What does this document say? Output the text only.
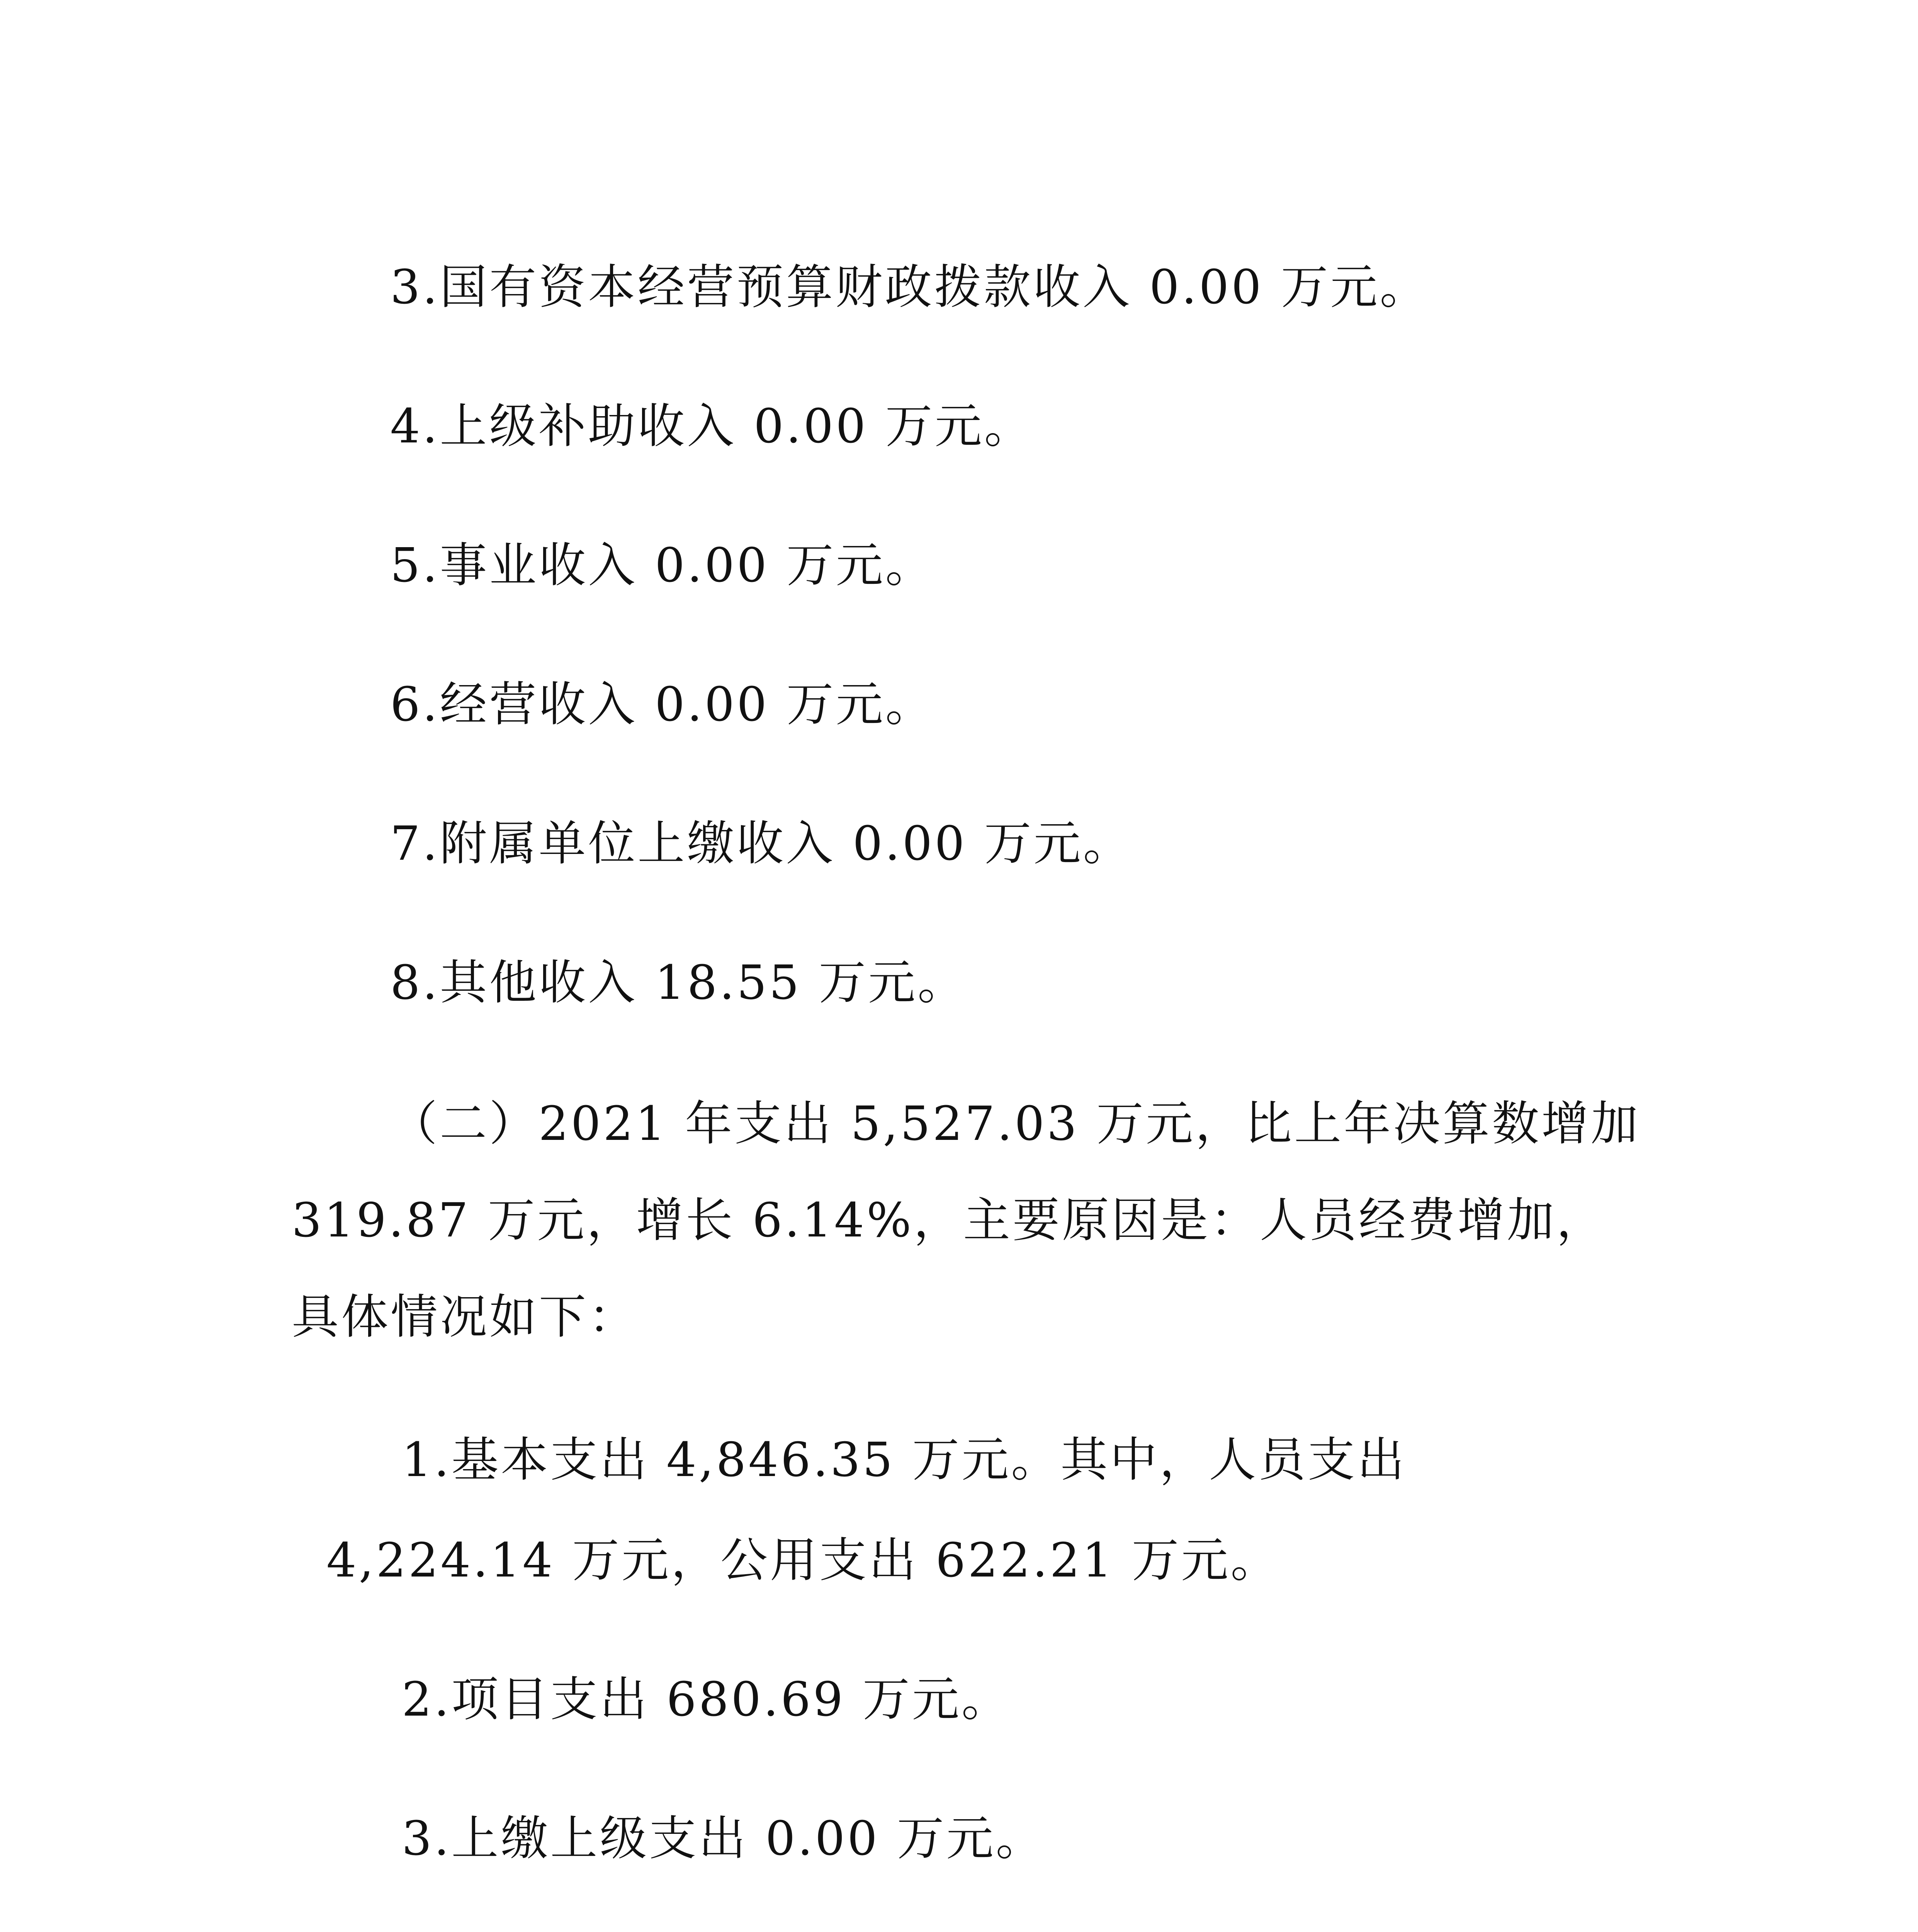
3.国有资本经营预算财政拨款收入 0.00 万元。
4.上级补助收入 0.00 万元。
5.事业收入 0.00 万元。
6.经营收入 0.00 万元。
7.附属单位上缴收入 0.00 万元。
8.其他收入 18.55 万元。
（二）2021 年支出 5,527.03 万元，比上年决算数增加
319.87 万元，增长 6.14%，主要原因是：人员经费增加，
具体情况如下：
1.基本支出 4,846.35 万元。其中，人员支出
4,224.14 万元，公用支出 622.21 万元。
2.项目支出 680.69 万元。
3.上缴上级支出 0.00 万元。
